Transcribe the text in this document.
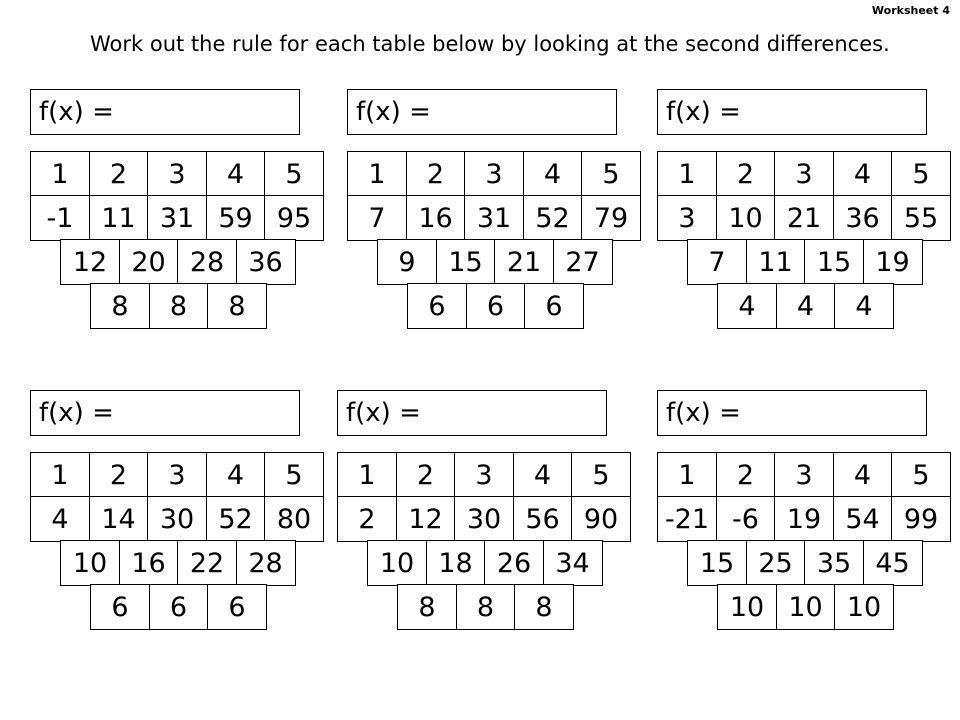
Worksheet 4
Work out the rule for each table below by looking at the second differences.
f(x) =
1	2	3	4	5
-1	11 31 59 95
12 20 28 36
8	8	8
f(x) =
1	2	3	4	5
7	16 31 52 79
9	15 21 27
6	6	6
f(x) =
1	2	3	4	5
3	10 21 36 55
7	11 15 19
4	4	4
f(x) =
1	2	3	4	5
4	14 30 52 80
10 16 22 28
6	6	6
f(x) =
1	2	3	4	5
2	12 30 56 90
10 18 26 34
8	8	8
f(x) =
1	2	3	4	5
-21 -6	19 54 99
15 25 35 45
10 10 10
